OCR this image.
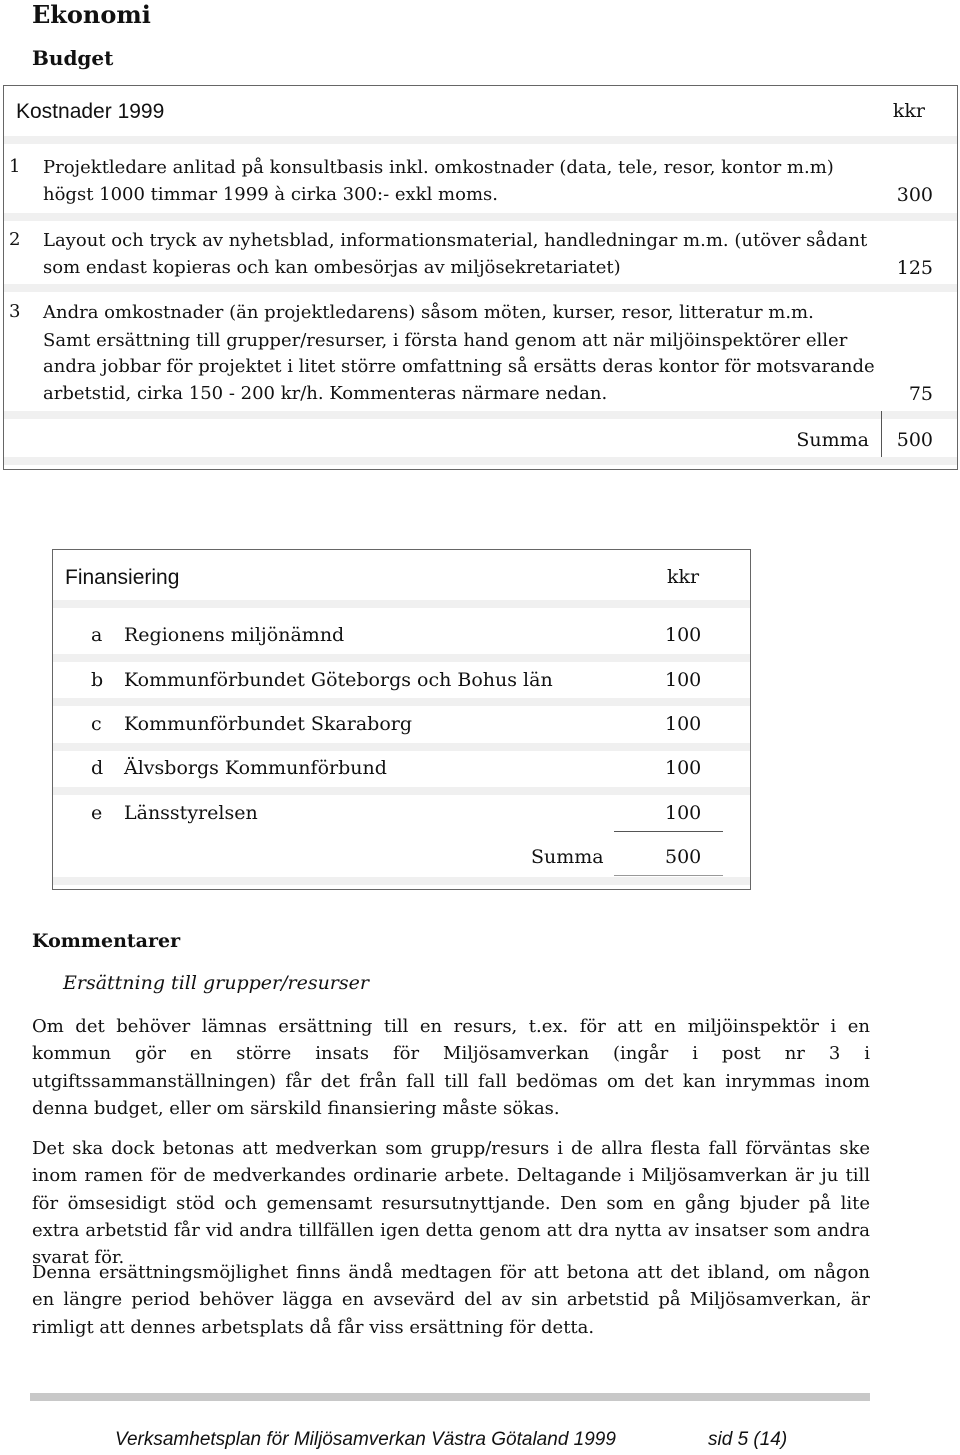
Ekonomi
Budget
Kostnader 1999	kkr
1 Projektledare anlitad på konsultbasis inkl. omkostnader (data, tele, resor, kontor m.m)
högst 1000 timmar 1999 à cirka 300:- exkl moms.	300
2 Layout och tryck av nyhetsblad, informationsmaterial, handledningar m.m. (utöver sådant
som endast kopieras och kan ombesörjas av miljösekretariatet)	125
3 Andra omkostnader (än projektledarens) såsom möten, kurser, resor, litteratur m.m.
Samt ersättning till grupper/resurser, i första hand genom att när miljöinspektörer eller
andra jobbar för projektet i litet större omfattning så ersätts deras kontor för motsvarande
arbetstid, cirka 150 - 200 kr/h. Kommenteras närmare nedan.	75
Summa	500
Finansiering	kkr
a Regionens miljönämnd	100
b Kommunförbundet Göteborgs och Bohus län	100
c Kommunförbundet Skaraborg	100
d Älvsborgs Kommunförbund	100
e Länsstyrelsen	100
Summa	500
Kommentarer
Ersättning till grupper/resurser
Om det behöver lämnas ersättning till en resurs, t.ex. för att en miljöinspektör i en kommun gör en större insats för Miljösamverkan (ingår i post nr 3 i utgiftssammanställningen) får det från fall till fall bedömas om det kan inrymmas inom denna budget, eller om särskild finansiering måste sökas.
Det ska dock betonas att medverkan som grupp/resurs i de allra flesta fall förväntas ske inom ramen för de medverkandes ordinarie arbete. Deltagande i Miljösamverkan är ju till för ömsesidigt stöd och gemensamt resursutnyttjande. Den som en gång bjuder på lite extra arbetstid får vid andra tillfällen igen detta genom att dra nytta av insatser som andra svarat för.
Denna ersättningsmöjlighet finns ändå medtagen för att betona att det ibland, om någon en längre period behöver lägga en avsevärd del av sin arbetstid på Miljösamverkan, är rimligt att dennes arbetsplats då får viss ersättning för detta.
Verksamhetsplan för Miljösamverkan Västra Götaland 1999	sid 5 (14)
